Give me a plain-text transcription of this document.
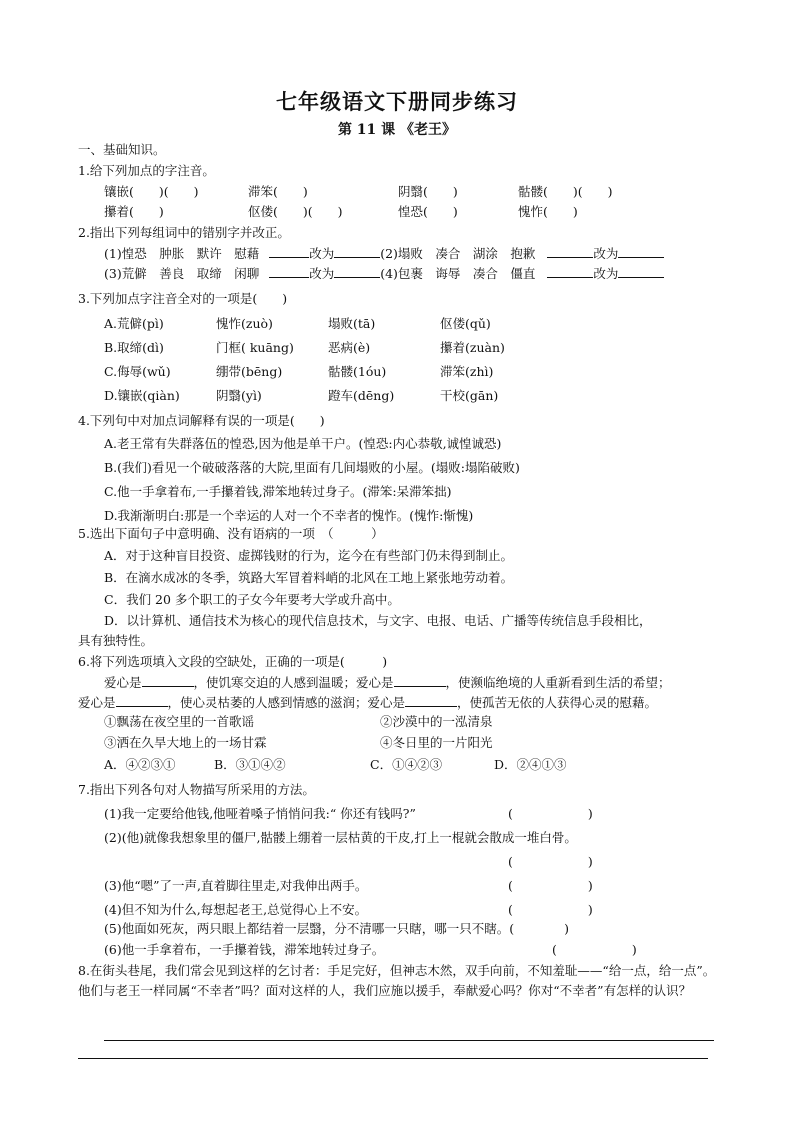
七年级语文下册同步练习
第 11 课 《老王》
一、基础知识。
1.给下列加点的字注音。
镶嵌(　　)(　　)	滞笨(　　)	阴翳(　　)	骷髅(　　)(　　)
攥着(　　)	伛偻(　　)(　　)	惶恐(　　)	愧怍(　　)
2.指出下列每组词中的错别字并改正。
(1)惶恐　肿胀　默许　慰藉	改为	(2)塌败　凑合　湖涂　抱歉	改为
(3)荒僻　善良　取缔　闲聊	改为	(4)包裹　诲辱　凑合　僵直	改为
3.下列加点字注音全对的一项是(　　)
A.荒僻(pì)	愧怍(zuò)	塌败(tā)	伛偻(qǔ)
B.取缔(dì)	门框( kuāng)	恶病(è)	攥着(zuàn)
C.侮辱(wǔ)	绷带(bēng)	骷髅(1óu)	滞笨(zhì)
D.镶嵌(qiàn)	阴翳(yì)	蹬车(dēng)	干校(gān)
4.下列句中对加点词解释有误的一项是(　　)
A.老王常有失群落伍的惶恐,因为他是单干户。(惶恐:内心恭敬,诚惶诚恐)
B.(我们)看见一个破破落落的大院,里面有几间塌败的小屋。(塌败:塌陷破败)
C.他一手拿着布,一手攥着钱,滞笨地转过身子。(滞笨:呆滞笨拙)
D.我渐渐明白:那是一个幸运的人对一个不幸者的愧怍。(愧怍:惭愧)
5.选出下面句子中意明确、没有语病的一项　（　　　）
A．对于这种盲目投资、虚掷钱财的行为，迄今在有些部门仍未得到制止。
B．在滴水成冰的冬季，筑路大军冒着料峭的北风在工地上紧张地劳动着。
C．我们 20 多个职工的子女今年要考大学或升高中。
D．以计算机、通信技术为核心的现代信息技术，与文字、电报、电话、广播等传统信息手段相比，
具有独特性。
6.将下列选项填入文段的空缺处，正确的一项是(　　　)
爱心是	，使饥寒交迫的人感到温暖；爱心是	，使濒临绝境的人重新看到生活的希望；
爱心是	，使心灵枯萎的人感到情感的滋润；爱心是	，使孤苦无依的人获得心灵的慰藉。
①飘荡在夜空里的一首歌谣	②沙漠中的一泓清泉
③洒在久旱大地上的一场甘霖	④冬日里的一片阳光
A．④②③①	B．③①④②	C．①④②③	D．②④①③
7.指出下列各句对人物描写所采用的方法。
(1)我一定要给他钱,他哑着嗓子悄悄问我:“ 你还有钱吗?”	(　　　　　　)
(2)(他)就像我想象里的僵尸,骷髅上绷着一层枯黄的干皮,打上一棍就会散成一堆白骨。
(　　　　　　)
(3)他“嗯”了一声,直着脚往里走,对我伸出两手。	(　　　　　　)
(4)但不知为什么,每想起老王,总觉得心上不安。	(　　　　　　)
(5)他面如死灰，两只眼上都结着一层翳，分不清哪一只瞎，哪一只不瞎。(　　　　)
(6)他一手拿着布，一手攥着钱，滞笨地转过身子。	(　　　　　　)
8.在街头巷尾，我们常会见到这样的乞讨者：手足完好，但神志木然，双手向前，不知羞耻——“给一点，给一点”。他们与老王一样同属“不幸者”吗？面对这样的人，我们应施以援手，奉献爱心吗？你对“不幸者”有怎样的认识？
